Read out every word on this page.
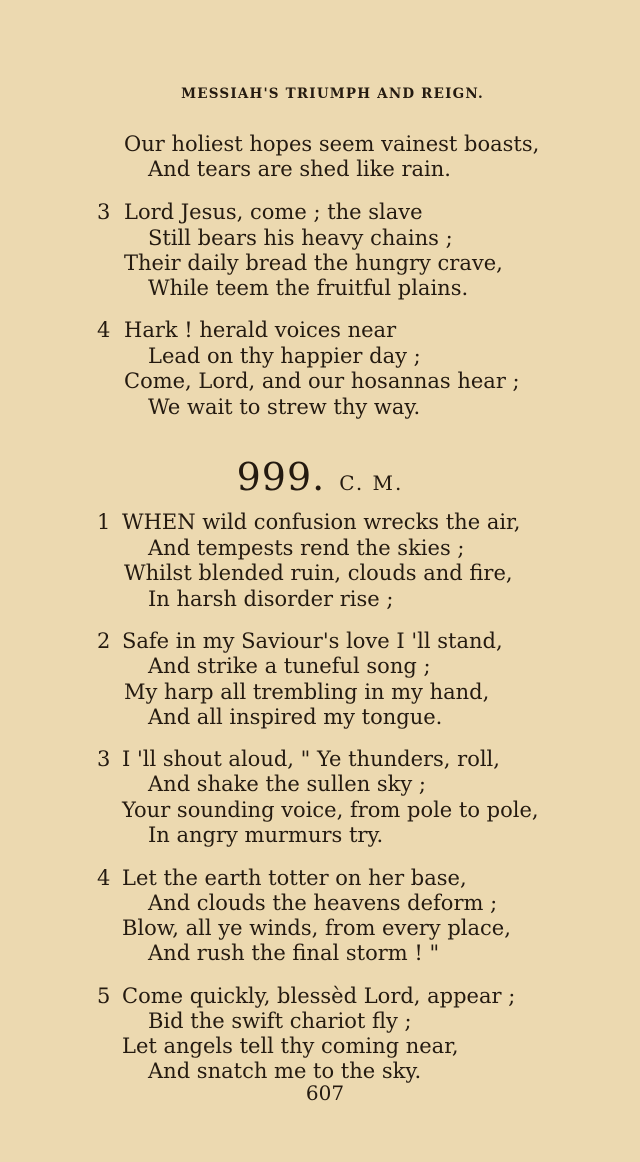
MESSIAH'S TRIUMPH AND REIGN.
Our holiest hopes seem vainest boasts,
And tears are shed like rain.
3 Lord Jesus, come ; the slave
Still bears his heavy chains ;
Their daily bread the hungry crave,
While teem the fruitful plains.
4 Hark ! herald voices near
Lead on thy happier day ;
Come, Lord, and our hosannas hear ;
We wait to strew thy way.
999. C. M.
1 WHEN wild confusion wrecks the air,
And tempests rend the skies ;
Whilst blended ruin, clouds and fire,
In harsh disorder rise ;
2 Safe in my Saviour's love I 'll stand,
And strike a tuneful song ;
My harp all trembling in my hand,
And all inspired my tongue.
3 I 'll shout aloud, " Ye thunders, roll,
And shake the sullen sky ;
Your sounding voice, from pole to pole,
In angry murmurs try.
4 Let the earth totter on her base,
And clouds the heavens deform ;
Blow, all ye winds, from every place,
And rush the final storm ! "
5 Come quickly, blessèd Lord, appear ;
Bid the swift chariot fly ;
Let angels tell thy coming near,
And snatch me to the sky.
607
